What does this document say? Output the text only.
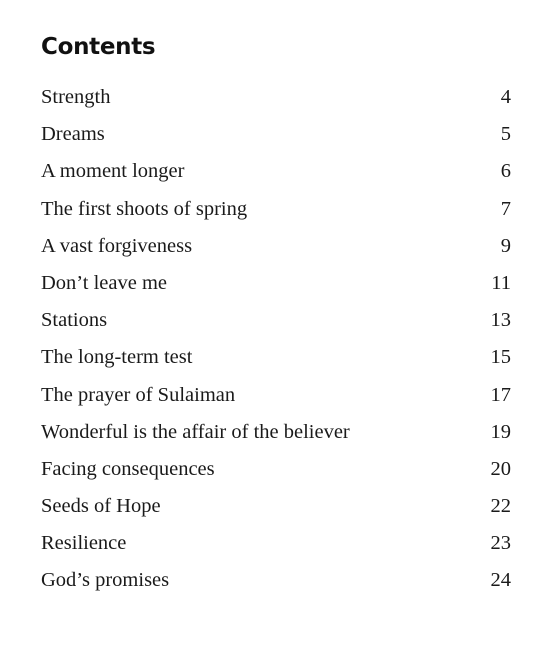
Contents
Strength	4
Dreams	5
A moment longer	6
The first shoots of spring	7
A vast forgiveness	9
Don’t leave me	11
Stations	13
The long-term test	15
The prayer of Sulaiman	17
Wonderful is the affair of the believer	19
Facing consequences	20
Seeds of Hope	22
Resilience	23
God’s promises	24
